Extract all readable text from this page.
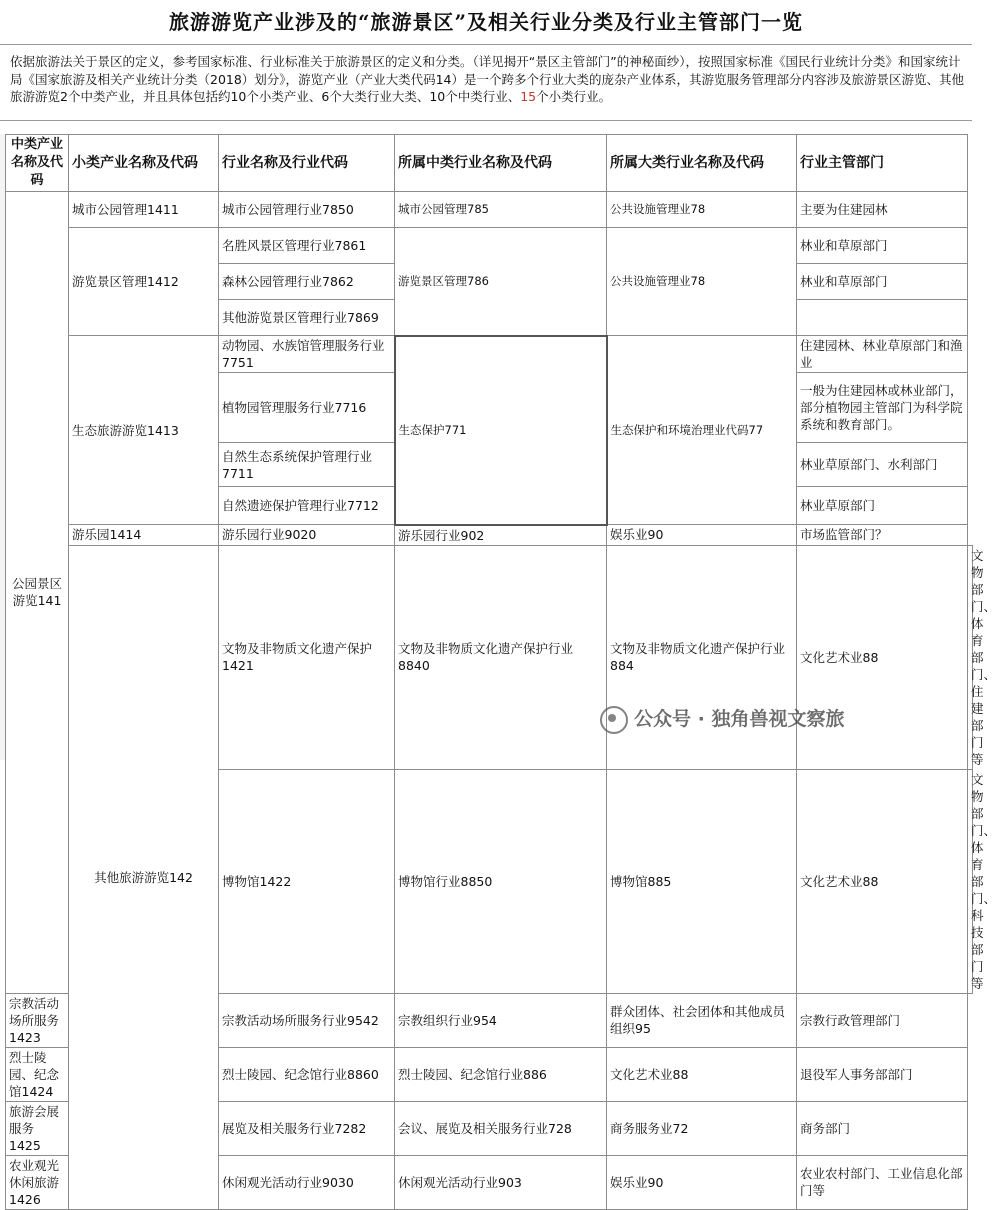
旅游游览产业涉及的“旅游景区”及相关行业分类及行业主管部门一览
依据旅游法关于景区的定义，参考国家标准、行业标准关于旅游景区的定义和分类。（详见揭开“景区主管部门”的神秘面纱），按照国家标准《国民行业统计分类》和国家统计局《国家旅游及相关产业统计分类（2018）划分》，游览产业（产业大类代码14）是一个跨多个行业大类的庞杂产业体系，其游览服务管理部分内容涉及旅游景区游览、其他旅游游览2个中类产业，并且具体包括约10个小类产业、6个大类行业大类、10个中类行业、15个小类行业。
中类产业名称及代码	小类产业名称及代码	行业名称及行业代码	所属中类行业名称及代码	所属大类行业名称及代码	行业主管部门	
公园景区游览141	城市公园管理1411	城市公园管理行业7850	城市公园管理785	公共设施管理业78	主要为住建园林	
	游览景区管理1412	名胜风景区管理行业7861	游览景区管理786	公共设施管理业78	林业和草原部门	
		森林公园管理行业7862			林业和草原部门	
		其他游览景区管理行业7869				
	生态旅游游览1413	动物园、水族馆管理服务行业7751	生态保护771	生态保护和环境治理业代码77	住建园林、林业草原部门和渔业	
		植物园管理服务行业7716			一般为住建园林或林业部门，部分植物园主管部门为科学院系统和教育部门。	
		自然生态系统保护管理行业7711			林业草原部门、水利部门	
		自然遗迹保护管理行业7712			林业草原部门	
	游乐园1414	游乐园行业9020	游乐园行业902	娱乐业90	市场监管部门？	
	其他旅游游览142	文物及非物质文化遗产保护1421	文物及非物质文化遗产保护行业8840	文物及非物质文化遗产保护行业884	文化艺术业88	文物部门、体育部门、住建部门等
		博物馆1422	博物馆行业8850	博物馆885	文化艺术业88	文物部门、体育部门、科技部门等
宗教活动场所服务1423		宗教活动场所服务行业9542	宗教组织行业954	群众团体、社会团体和其他成员组织95	宗教行政管理部门	
烈士陵园、纪念馆1424		烈士陵园、纪念馆行业8860	烈士陵园、纪念馆行业886	文化艺术业88	退役军人事务部部门	
旅游会展服务1425		展览及相关服务行业7282	会议、展览及相关服务行业728	商务服务业72	商务部门	
农业观光休闲旅游1426		休闲观光活动行业9030	休闲观光活动行业903	娱乐业90	农业农村部门、工业信息化部门等	
公众号 · 独角兽视文察旅
